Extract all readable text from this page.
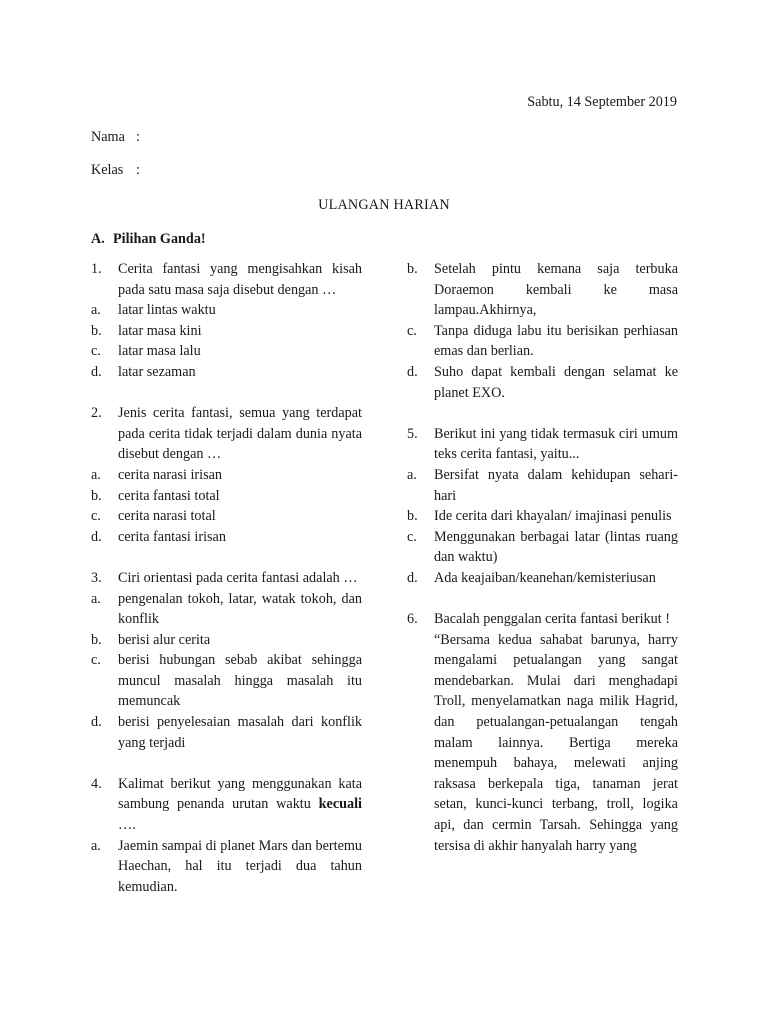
Sabtu, 14 September 2019
Nama :
Kelas :
ULANGAN HARIAN
A. Pilihan Ganda!
1.	Cerita fantasi yang mengisahkan kisah pada satu masa saja disebut dengan …
a.	latar lintas waktu
b.	latar masa kini
c.	latar masa lalu
d.	latar sezaman
2.	Jenis cerita fantasi, semua yang terdapat pada cerita tidak terjadi dalam dunia nyata disebut dengan …
a.	cerita narasi irisan
b.	cerita fantasi total
c.	cerita narasi total
d.	cerita fantasi irisan
3.	Ciri orientasi pada cerita fantasi adalah …
a.	pengenalan tokoh, latar, watak tokoh, dan konflik
b.	berisi alur cerita
c.	berisi hubungan sebab akibat sehingga muncul masalah hingga masalah itu memuncak
d.	berisi penyelesaian masalah dari konflik yang terjadi
4.	Kalimat berikut yang menggunakan kata sambung penanda urutan waktu kecuali ….
a.	Jaemin sampai di planet Mars dan bertemu Haechan, hal itu terjadi dua tahun kemudian.
b.	Setelah pintu kemana saja terbuka Doraemon kembali ke masa lampau.Akhirnya,
c.	Tanpa diduga labu itu berisikan perhiasan emas dan berlian.
d.	Suho dapat kembali dengan selamat ke planet EXO.
5.	Berikut ini yang tidak termasuk ciri umum teks cerita fantasi, yaitu...
a.	Bersifat nyata dalam kehidupan sehari-hari
b.	Ide cerita dari khayalan/ imajinasi penulis
c.	Menggunakan berbagai latar (lintas ruang dan waktu)
d.	Ada keajaiban/keanehan/kemisteriusan
6.	Bacalah penggalan cerita fantasi berikut !
“Bersama kedua sahabat barunya, harry mengalami petualangan yang sangat mendebarkan. Mulai dari menghadapi Troll, menyelamatkan naga milik Hagrid, dan petualangan-petualangan tengah malam lainnya. Bertiga mereka menempuh bahaya, melewati anjing raksasa berkepala tiga, tanaman jerat setan, kunci-kunci terbang, troll, logika api, dan cermin Tarsah. Sehingga yang tersisa di akhir hanyalah harry yang
